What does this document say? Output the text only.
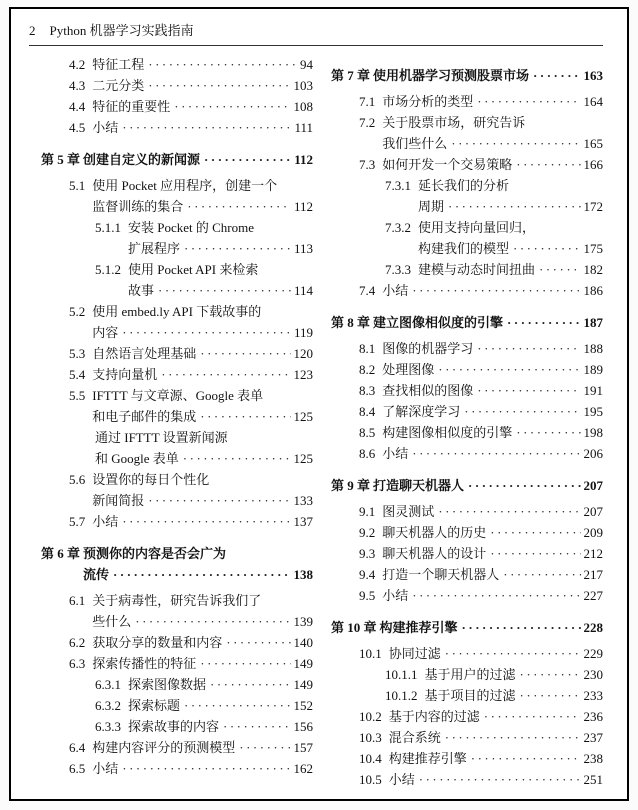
2 Python 机器学习实践指南
4.2 特征工程 ·····	94
4.3 二元分类 ·····	103
4.4 特征的重要性 ·····	108
4.5 小结 ·····	111
第 5 章 创建自定义的新闻源 ·····	112
5.1 使用 Pocket 应用程序，创建一个
监督训练的集合 ·····	112
5.1.1 安装 Pocket 的 Chrome
扩展程序 ·····	113
5.1.2 使用 Pocket API 来检索
故事 ·····	114
5.2 使用 embed.ly API 下载故事的
内容 ·····	119
5.3 自然语言处理基础 ·····	120
5.4 支持向量机 ·····	123
5.5 IFTTT 与文章源、Google 表单
和电子邮件的集成 ·····	125
通过 IFTTT 设置新闻源
和 Google 表单 ·····	125
5.6 设置你的每日个性化
新闻简报 ·····	133
5.7 小结 ·····	137
第 6 章 预测你的内容是否会广为
流传 ·····	138
6.1 关于病毒性，研究告诉我们了
些什么 ·····	139
6.2 获取分享的数量和内容 ·····	140
6.3 探索传播性的特征 ·····	149
6.3.1 探索图像数据 ·····	149
6.3.2 探索标题 ·····	152
6.3.3 探索故事的内容 ·····	156
6.4 构建内容评分的预测模型 ·····	157
6.5 小结 ·····	162
第 7 章 使用机器学习预测股票市场 ·····	163
7.1 市场分析的类型 ·····	164
7.2 关于股票市场，研究告诉
我们些什么 ·····	165
7.3 如何开发一个交易策略 ·····	166
7.3.1 延长我们的分析
周期 ·····	172
7.3.2 使用支持向量回归，
构建我们的模型 ·····	175
7.3.3 建模与动态时间扭曲 ·····	182
7.4 小结 ·····	186
第 8 章 建立图像相似度的引擎 ·····	187
8.1 图像的机器学习 ·····	188
8.2 处理图像 ·····	189
8.3 查找相似的图像 ·····	191
8.4 了解深度学习 ·····	195
8.5 构建图像相似度的引擎 ·····	198
8.6 小结 ·····	206
第 9 章 打造聊天机器人 ·····	207
9.1 图灵测试 ·····	207
9.2 聊天机器人的历史 ·····	209
9.3 聊天机器人的设计 ·····	212
9.4 打造一个聊天机器人 ·····	217
9.5 小结 ·····	227
第 10 章 构建推荐引擎 ·····	228
10.1 协同过滤 ·····	229
10.1.1 基于用户的过滤 ·····	230
10.1.2 基于项目的过滤 ·····	233
10.2 基于内容的过滤 ·····	236
10.3 混合系统 ·····	237
10.4 构建推荐引擎 ·····	238
10.5 小结 ·····	251
